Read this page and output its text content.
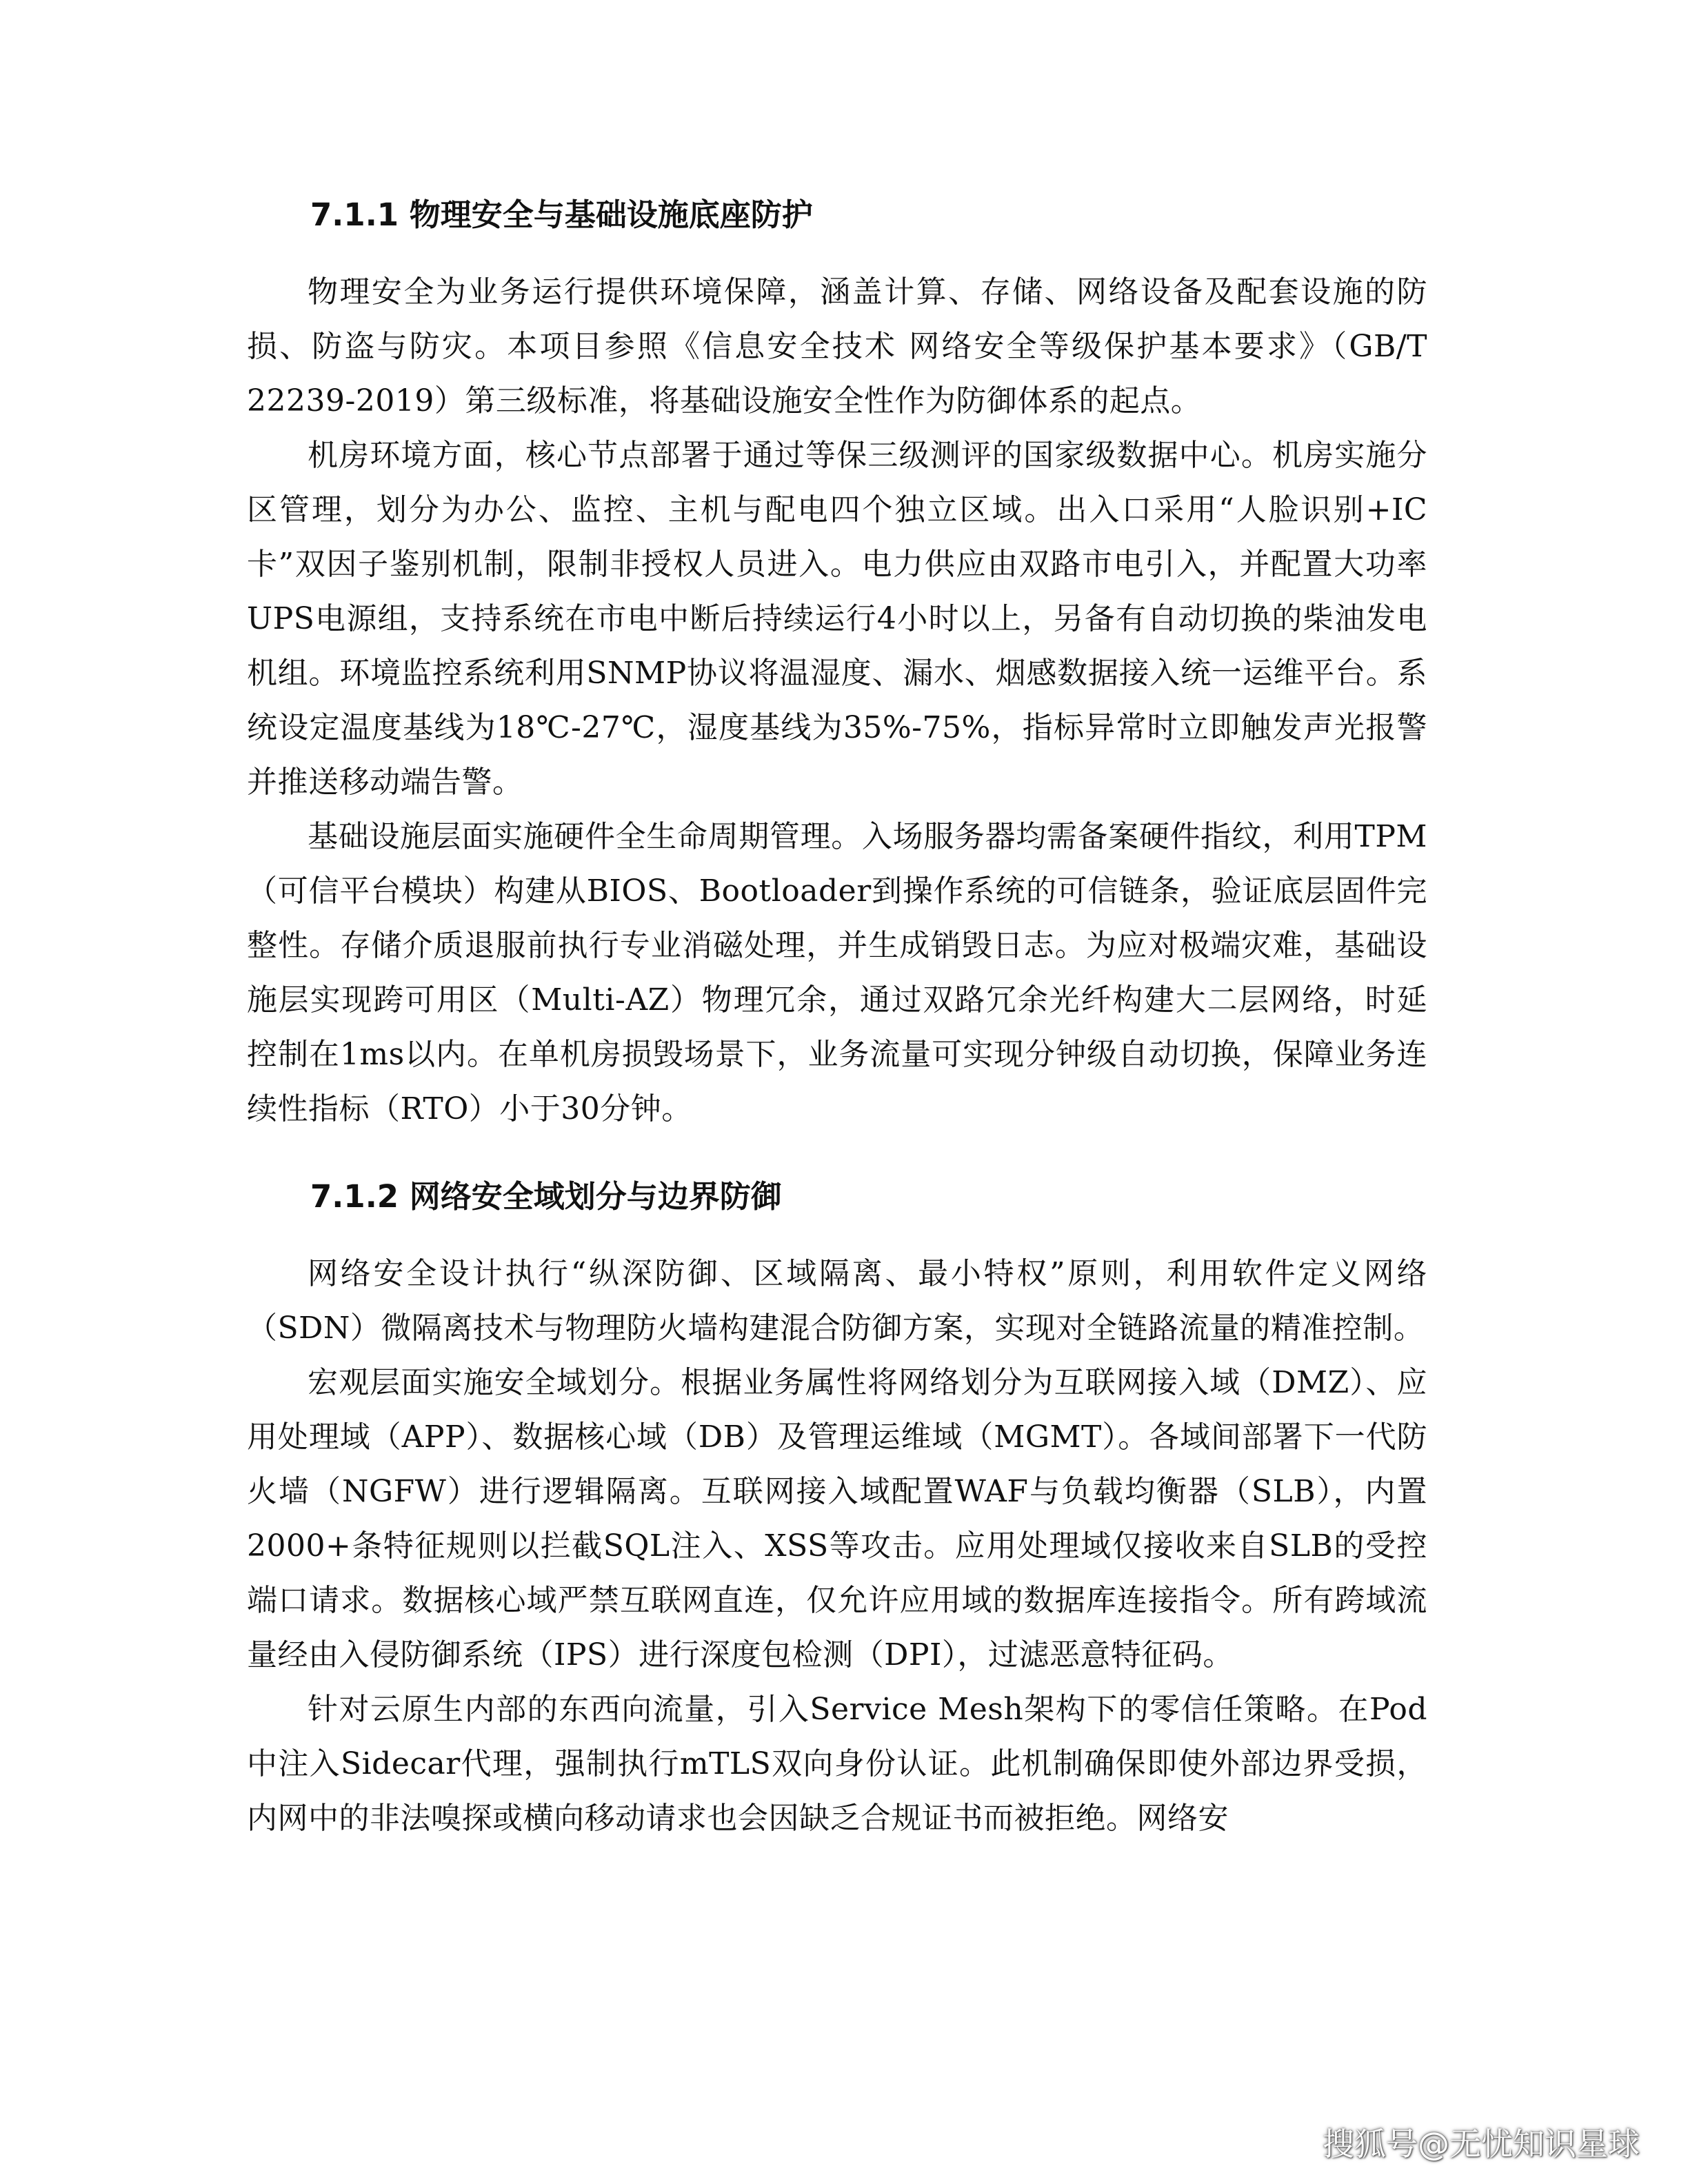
7.1.1 物理安全与基础设施底座防护

物理安全为业务运行提供环境保障，涵盖计算、存储、网络设备及配套设施的防损、防盗与防灾。本项目参照《信息安全技术 网络安全等级保护基本要求》（GB/T 22239-2019）第三级标准，将基础设施安全性作为防御体系的起点。

机房环境方面，核心节点部署于通过等保三级测评的国家级数据中心。机房实施分区管理，划分为办公、监控、主机与配电四个独立区域。出入口采用“人脸识别+IC卡”双因子鉴别机制，限制非授权人员进入。电力供应由双路市电引入，并配置大功率UPS电源组，支持系统在市电中断后持续运行4小时以上，另备有自动切换的柴油发电机组。环境监控系统利用SNMP协议将温湿度、漏水、烟感数据接入统一运维平台。系统设定温度基线为18℃-27℃，湿度基线为35%-75%，指标异常时立即触发声光报警并推送移动端告警。

基础设施层面实施硬件全生命周期管理。入场服务器均需备案硬件指纹，利用TPM（可信平台模块）构建从BIOS、Bootloader到操作系统的可信链条，验证底层固件完整性。存储介质退服前执行专业消磁处理，并生成销毁日志。为应对极端灾难，基础设施层实现跨可用区（Multi-AZ）物理冗余，通过双路冗余光纤构建大二层网络，时延控制在1ms以内。在单机房损毁场景下，业务流量可实现分钟级自动切换，保障业务连续性指标（RTO）小于30分钟。

7.1.2 网络安全域划分与边界防御

网络安全设计执行“纵深防御、区域隔离、最小特权”原则，利用软件定义网络（SDN）微隔离技术与物理防火墙构建混合防御方案，实现对全链路流量的精准控制。

宏观层面实施安全域划分。根据业务属性将网络划分为互联网接入域（DMZ）、应用处理域（APP）、数据核心域（DB）及管理运维域（MGMT）。各域间部署下一代防火墙（NGFW）进行逻辑隔离。互联网接入域配置WAF与负载均衡器（SLB），内置2000+条特征规则以拦截SQL注入、XSS等攻击。应用处理域仅接收来自SLB的受控端口请求。数据核心域严禁互联网直连，仅允许应用域的数据库连接指令。所有跨域流量经由入侵防御系统（IPS）进行深度包检测（DPI），过滤恶意特征码。

针对云原生内部的东西向流量，引入Service Mesh架构下的零信任策略。在Pod中注入Sidecar代理，强制执行mTLS双向身份认证。此机制确保即使外部边界受损，内网中的非法嗅探或横向移动请求也会因缺乏合规证书而被拒绝。网络安

搜狐号@无忧知识星球
